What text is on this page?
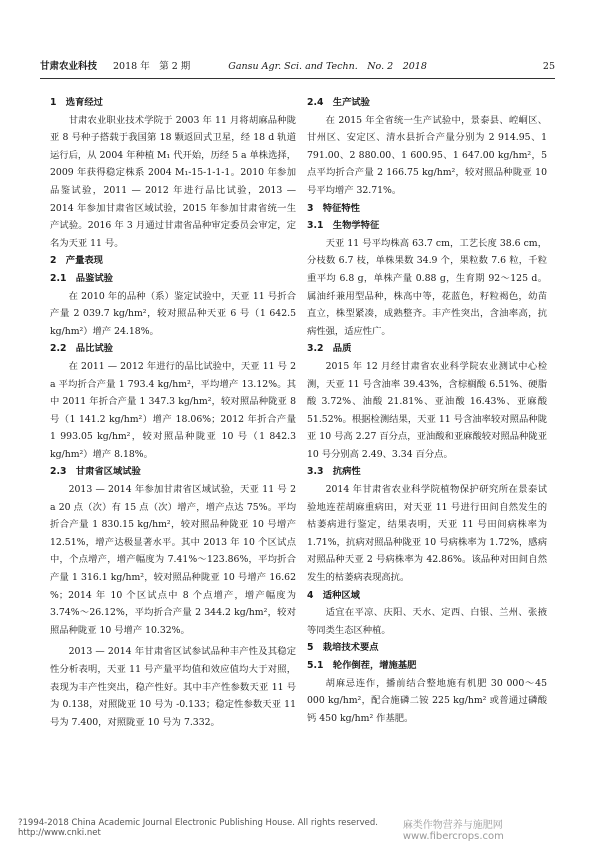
甘肃农业科技 2018 年　第 2 期	Gansu Agr. Sci. and Techn.　No. 2　2018	25

1　选育经过

甘肃农业职业技术学院于 2003 年 11 月将胡麻品种陇亚 8 号种子搭载于我国第 18 颗返回式卫星，经 18 d 轨道运行后，从 2004 年种植 M₁ 代开始，历经 5 a 单株选择，2009 年获得稳定株系 2004 M₁-15-1-1-1。2010 年参加品鉴试验，2011 — 2012 年进行品比试验，2013 — 2014 年参加甘肃省区域试验，2015 年参加甘肃省统一生产试验。2016 年 3 月通过甘肃省品种审定委员会审定，定名为天亚 11 号。

2　产量表现

2.1　品鉴试验

在 2010 年的品种（系）鉴定试验中，天亚 11 号折合产量 2 039.7 kg/hm²，较对照品种天亚 6 号（1 642.5 kg/hm²）增产 24.18%。

2.2　品比试验

在 2011 — 2012 年进行的品比试验中，天亚 11 号 2 a 平均折合产量 1 793.4 kg/hm²，平均增产 13.12%。其中 2011 年折合产量 1 347.3 kg/hm²，较对照品种陇亚 8 号（1 141.2 kg/hm²）增产 18.06%；2012 年折合产量 1 993.05 kg/hm²，较对照品种陇亚 10 号（1 842.3 kg/hm²）增产 8.18%。

2.3　甘肃省区域试验

2013 — 2014 年参加甘肃省区域试验，天亚 11 号 2 a 20 点（次）有 15 点（次）增产，增产点达 75%。平均折合产量 1 830.15 kg/hm²，较对照品种陇亚 10 号增产 12.51%，增产达极显著水平。其中 2013 年 10 个区试点中，个点增产，增产幅度为 7.41%～123.86%，平均折合产量 1 316.1 kg/hm²，较对照品种陇亚 10 号增产 16.62 %；2014 年 10 个区试点中 8 个点增产，增产幅度为 3.74%～26.12%，平均折合产量 2 344.2 kg/hm²，较对照品种陇亚 10 号增产 10.32%。

2013 — 2014 年甘肃省区试参试品种丰产性及其稳定性分析表明，天亚 11 号产量平均值和效应值均大于对照，表现为丰产性突出，稳产性好。其中丰产性参数天亚 11 号为 0.138，对照陇亚 10 号为 -0.133；稳定性参数天亚 11 号为 7.400，对照陇亚 10 号为 7.332。

2.4　生产试验

在 2015 年全省统一生产试验中，景泰县、崆峒区、甘州区、安定区、清水县折合产量分别为 2 914.95、1 791.00、2 880.00、1 600.95、1 647.00 kg/hm²，5 点平均折合产量 2 166.75 kg/hm²，较对照品种陇亚 10 号平均增产 32.71%。

3　特征特性

3.1　生物学特征

天亚 11 号平均株高 63.7 cm，工艺长度 38.6 cm，分枝数 6.7 枝，单株果数 34.9 个，果粒数 7.6 粒，千粒重平均 6.8 g，单株产量 0.88 g，生育期 92～125 d。属油纤兼用型品种，株高中等，花蓝色，籽粒褐色，幼苗直立，株型紧凑，成熟整齐。丰产性突出，含油率高，抗病性强，适应性广。

3.2　品质

2015 年 12 月经甘肃省农业科学院农业测试中心检测，天亚 11 号含油率 39.43%，含棕榈酸 6.51%、硬脂酸 3.72%、油酸 21.81%、亚油酸 16.43%、亚麻酸 51.52%。根据检测结果，天亚 11 号含油率较对照品种陇亚 10 号高 2.27 百分点，亚油酸和亚麻酸较对照品种陇亚 10 号分别高 2.49、3.34 百分点。

3.3　抗病性

2014 年甘肃省农业科学院植物保护研究所在景泰试验地连茬胡麻重病田，对天亚 11 号进行田间自然发生的枯萎病进行鉴定，结果表明，天亚 11 号田间病株率为 1.71%，抗病对照品种陇亚 10 号病株率为 1.72%，感病对照品种天亚 2 号病株率为 42.86%。该品种对田间自然发生的枯萎病表现高抗。

4　适种区域

适宜在平凉、庆阳、天水、定西、白银、兰州、张掖等同类生态区种植。

5　栽培技术要点

5.1　轮作倒茬，增施基肥

胡麻忌连作，播前结合整地施有机肥 30 000～45 000 kg/hm²，配合施磷二铵 225 kg/hm² 或普通过磷酸钙 450 kg/hm² 作基肥。

?1994-2018 China Academic Journal Electronic Publishing House. All rights reserved.　http://www.cnki.net
麻类作物营养与施肥网 www.fibercrops.com
